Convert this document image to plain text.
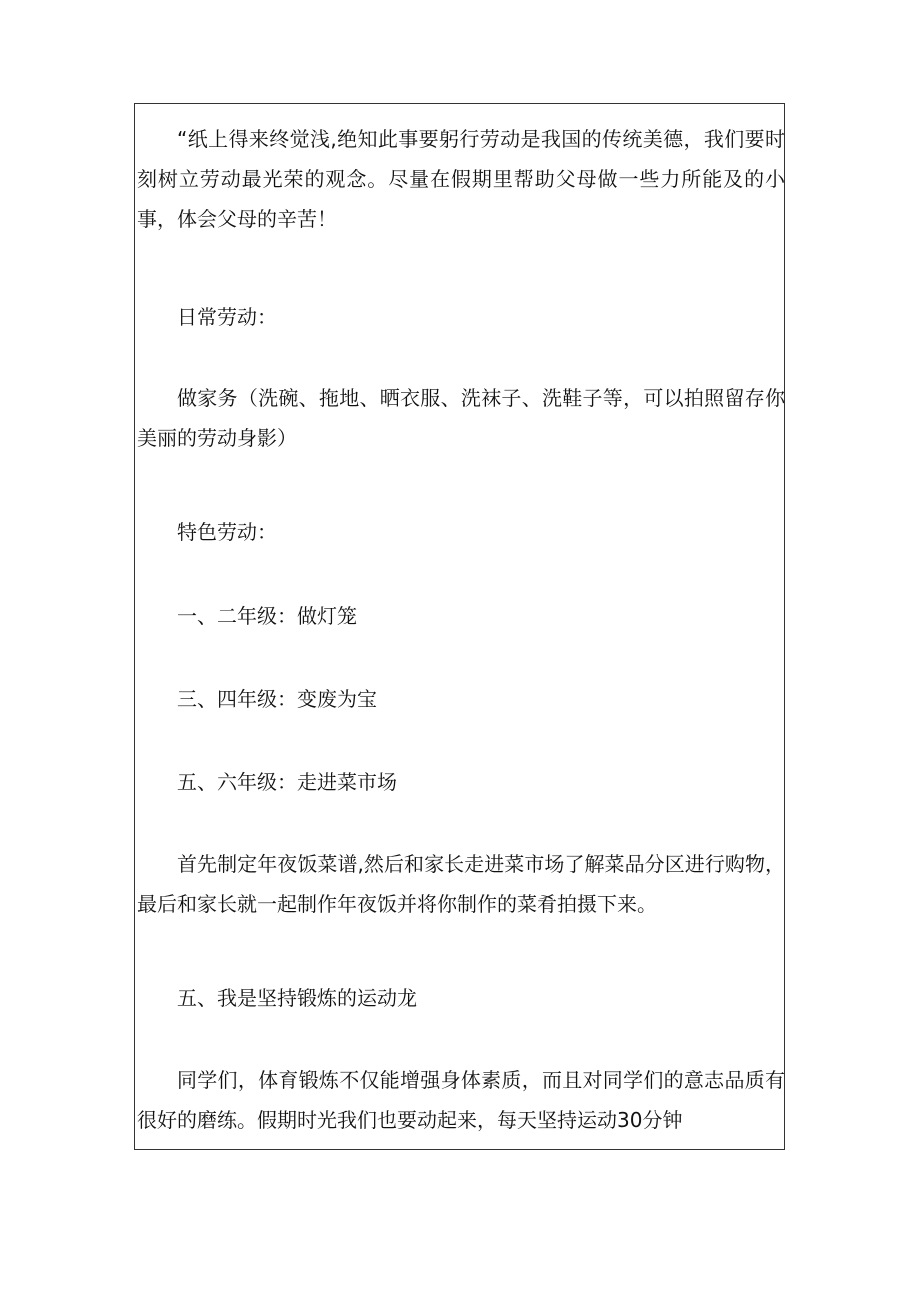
“纸上得来终觉浅,绝知此事要躬行劳动是我国的传统美德，我们要时刻树立劳动最光荣的观念。尽量在假期里帮助父母做一些力所能及的小事，体会父母的辛苦！

日常劳动：

做家务（洗碗、拖地、晒衣服、洗袜子、洗鞋子等，可以拍照留存你美丽的劳动身影）

特色劳动：

一、二年级：做灯笼

三、四年级：变废为宝

五、六年级：走进菜市场

首先制定年夜饭菜谱,然后和家长走进菜市场了解菜品分区进行购物，最后和家长就一起制作年夜饭并将你制作的菜肴拍摄下来。

五、我是坚持锻炼的运动龙

同学们，体育锻炼不仅能增强身体素质，而且对同学们的意志品质有很好的磨练。假期时光我们也要动起来，每天坚持运动30分钟
